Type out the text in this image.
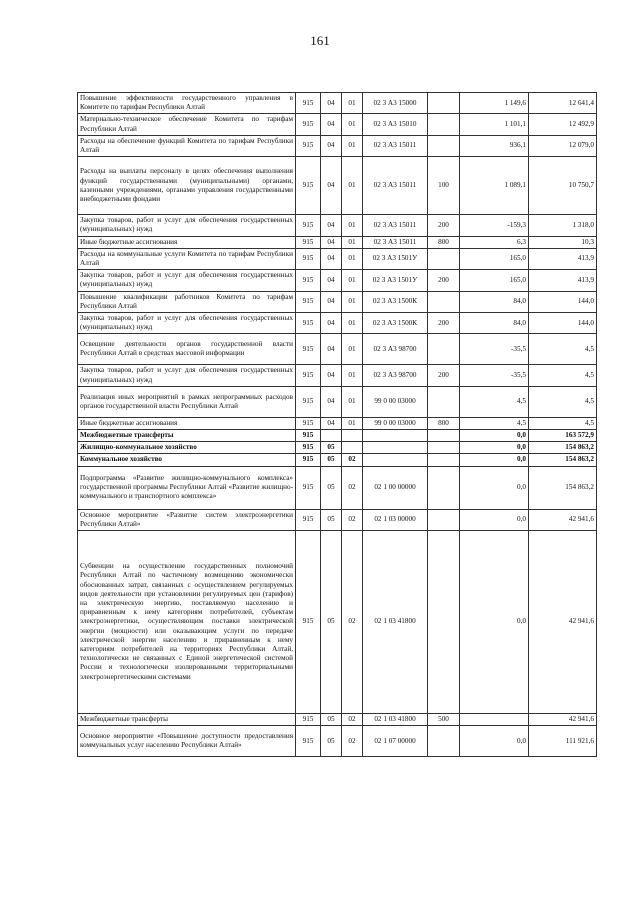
161
Повышение эффективности государственного управления в Комитете по тарифам Республики Алтай	915	04	01	02 3 А3 15000		1 149,6	12 641,4
Материально-техническое обеспечение Комитета по тарифам Республики Алтай	915	04	01	02 3 А3 15010		1 101,1	12 492,9
Расходы на обеспечение функций Комитета по тарифам Республики Алтай	915	04	01	02 3 А3 15011		936,1	12 079,0
Расходы на выплаты персоналу в целях обеспечения выполнения функций государственными (муниципальными) органами, казенными учреждениями, органами управления государственными внебюджетными фондами	915	04	01	02 3 А3 15011	100	1 089,1	10 750,7
Закупка товаров, работ и услуг для обеспечения государственных (муниципальных) нужд	915	04	01	02 3 А3 15011	200	-159,3	1 318,0
Иные бюджетные ассигнования	915	04	01	02 3 А3 15011	800	6,3	10,3
Расходы на коммунальные услуги Комитета по тарифам Республики Алтай	915	04	01	02 3 А3 1501У		165,0	413,9
Закупка товаров, работ и услуг для обеспечения государственных (муниципальных) нужд	915	04	01	02 3 А3 1501У	200	165,0	413,9
Повышение квалификации работников Комитета по тарифам Республики Алтай	915	04	01	02 3 А3 1500К		84,0	144,0
Закупка товаров, работ и услуг для обеспечения государственных (муниципальных) нужд	915	04	01	02 3 А3 1500К	200	84,0	144,0
Освещение деятельности органов государственной власти Республики Алтай в средствах массовой информации	915	04	01	02 3 А3 98700		-35,5	4,5
Закупка товаров, работ и услуг для обеспечения государственных (муниципальных) нужд	915	04	01	02 3 А3 98700	200	-35,5	4,5
Реализация иных мероприятий в рамках непрограммных расходов органов государственной власти Республики Алтай	915	04	01	99 0 00 03000		4,5	4,5
Иные бюджетные ассигнования	915	04	01	99 0 00 03000	800	4,5	4,5
Межбюджетные трансферты	915					0,0	163 572,9
Жилищно-коммунальное хозяйство	915	05				0,0	154 863,2
Коммунальное хозяйство	915	05	02			0,0	154 863,2
Подпрограмма «Развитие жилищно-коммунального комплекса» государственной программы Республики Алтай «Развитие жилищно-коммунального и транспортного комплекса»	915	05	02	02 1 00 00000		0,0	154 863,2
Основное мероприятие «Развитие систем электроэнергетики Республики Алтай»	915	05	02	02 1 03 00000		0,0	42 941,6
Субвенции на осуществление государственных полномочий Республики Алтай по частичному возмещению экономически обоснованных затрат, связанных с осуществлением регулируемых видов деятельности при установлении регулируемых цен (тарифов) на электрическую энергию, поставляемую населению и приравненным к нему категориям потребителей, субъектам электроэнергетики, осуществляющим поставки электрической энергии (мощности) или оказывающим услуги по передаче электрической энергии населению и приравненным к нему категориям потребителей на территориях Республики Алтай, технологически не связанных с Единой энергетической системой России и технологически изолированными территориальными электроэнергетическими системами	915	05	02	02 1 03 41800		0,0	42 941,6
Межбюджетные трансферты	915	05	02	02 1 03 41800	500		42 941,6
Основное мероприятие «Повышение доступности предоставления коммунальных услуг населению Республики Алтай»	915	05	02	02 1 07 00000		0,0	111 921,6
